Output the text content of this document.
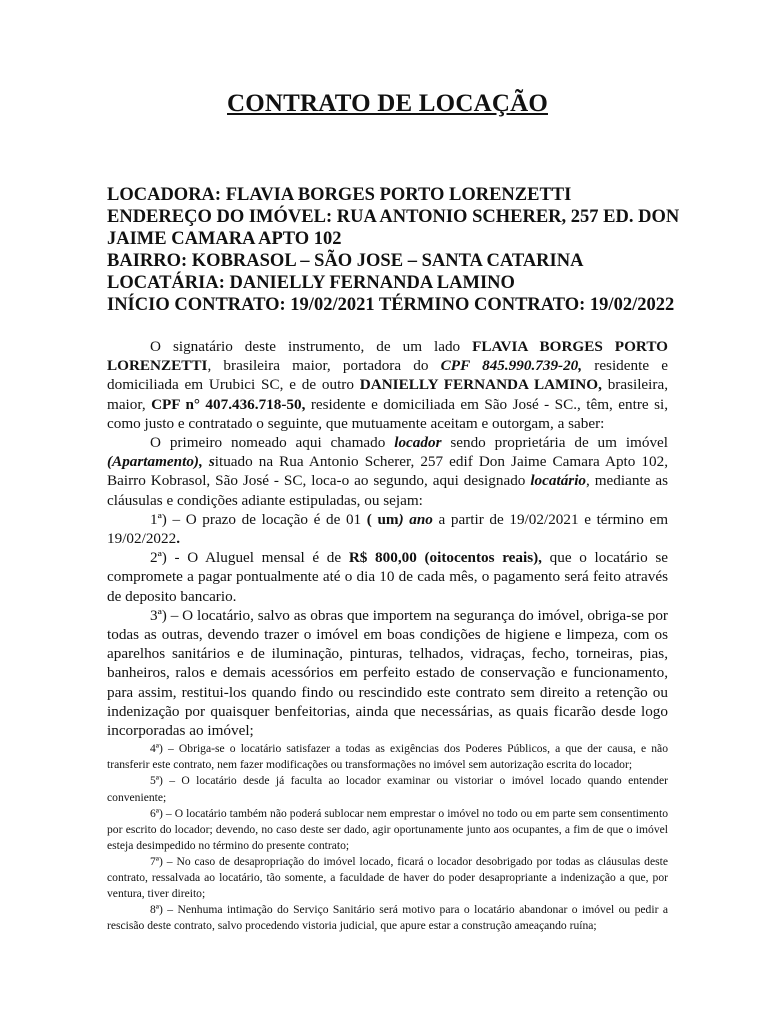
CONTRATO DE LOCAÇÃO
LOCADORA: FLAVIA BORGES PORTO LORENZETTI
ENDEREÇO DO IMÓVEL: RUA ANTONIO SCHERER, 257 ED. DON
JAIME CAMARA APTO 102
BAIRRO: KOBRASOL – SÃO JOSE – SANTA CATARINA
LOCATÁRIA: DANIELLY FERNANDA LAMINO
INÍCIO CONTRATO: 19/02/2021 TÉRMINO CONTRATO: 19/02/2022

O signatário deste instrumento, de um lado FLAVIA BORGES PORTO LORENZETTI, brasileira maior, portadora do CPF 845.990.739-20, residente e domiciliada em Urubici SC, e de outro DANIELLY FERNANDA LAMINO, brasileira, maior, CPF n° 407.436.718-50, residente e domiciliada em São José - SC., têm, entre si, como justo e contratado o seguinte, que mutuamente aceitam e outorgam, a saber:

O primeiro nomeado aqui chamado locador sendo proprietária de um imóvel (Apartamento), situado na Rua Antonio Scherer, 257 edif Don Jaime Camara Apto 102, Bairro Kobrasol, São José - SC, loca-o ao segundo, aqui designado locatário, mediante as cláusulas e condições adiante estipuladas, ou sejam:

1ª) – O prazo de locação é de 01 ( um) ano a partir de 19/02/2021 e término em 19/02/2022.

2ª) - O Aluguel mensal é de R$ 800,00 (oitocentos reais), que o locatário se compromete a pagar pontualmente até o dia 10 de cada mês, o pagamento será feito através de deposito bancario.

3ª) – O locatário, salvo as obras que importem na segurança do imóvel, obriga-se por todas as outras, devendo trazer o imóvel em boas condições de higiene e limpeza, com os aparelhos sanitários e de iluminação, pinturas, telhados, vidraças, fecho, torneiras, pias, banheiros, ralos e demais acessórios em perfeito estado de conservação e funcionamento, para assim, restitui-los quando findo ou rescindido este contrato sem direito a retenção ou indenização por quaisquer benfeitorias, ainda que necessárias, as quais ficarão desde logo incorporadas ao imóvel;

4ª) – Obriga-se o locatário satisfazer a todas as exigências dos Poderes Públicos, a que der causa, e não transferir este contrato, nem fazer modificações ou transformações no imóvel sem autorização escrita do locador;

5ª) – O locatário desde já faculta ao locador examinar ou vistoriar o imóvel locado quando entender conveniente;

6ª) – O locatário também não poderá sublocar nem emprestar o imóvel no todo ou em parte sem consentimento por escrito do locador; devendo, no caso deste ser dado, agir oportunamente junto aos ocupantes, a fim de que o imóvel esteja desimpedido no término do presente contrato;

7ª) – No caso de desapropriação do imóvel locado, ficará o locador desobrigado por todas as cláusulas deste contrato, ressalvada ao locatário, tão somente, a faculdade de haver do poder desapropriante a indenização a que, por ventura, tiver direito;

8ª) – Nenhuma intimação do Serviço Sanitário será motivo para o locatário abandonar o imóvel ou pedir a rescisão deste contrato, salvo procedendo vistoria judicial, que apure estar a construção ameaçando ruína;
